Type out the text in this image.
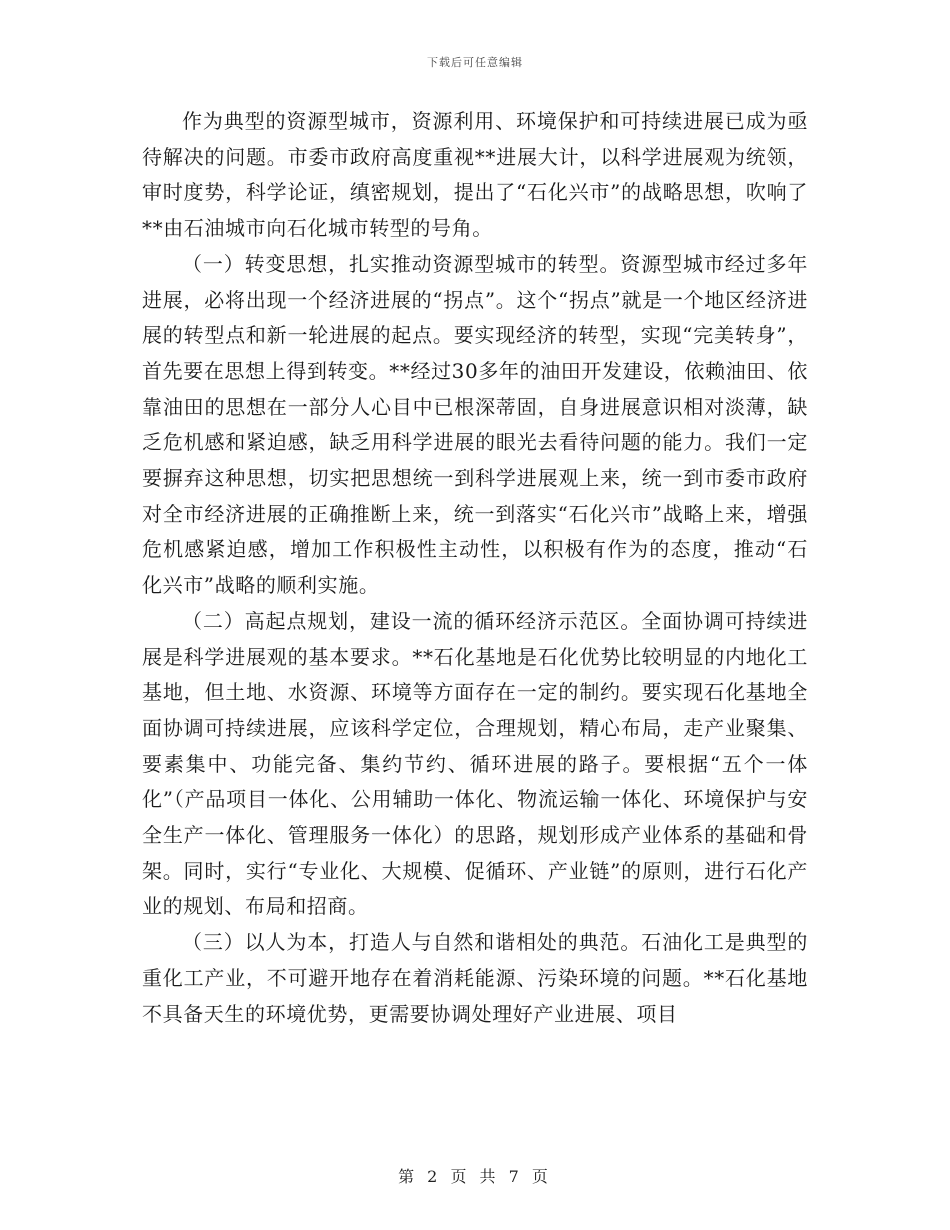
下载后可任意编辑

作为典型的资源型城市，资源利用、环境保护和可持续进展已成为亟待解决的问题。市委市政府高度重视**进展大计，以科学进展观为统领，审时度势，科学论证，缜密规划，提出了“石化兴市”的战略思想，吹响了**由石油城市向石化城市转型的号角。

（一）转变思想，扎实推动资源型城市的转型。资源型城市经过多年进展，必将出现一个经济进展的“拐点”。这个“拐点”就是一个地区经济进展的转型点和新一轮进展的起点。要实现经济的转型，实现“完美转身”，首先要在思想上得到转变。**经过30多年的油田开发建设，依赖油田、依靠油田的思想在一部分人心目中已根深蒂固，自身进展意识相对淡薄，缺乏危机感和紧迫感，缺乏用科学进展的眼光去看待问题的能力。我们一定要摒弃这种思想，切实把思想统一到科学进展观上来，统一到市委市政府对全市经济进展的正确推断上来，统一到落实“石化兴市”战略上来，增强危机感紧迫感，增加工作积极性主动性，以积极有作为的态度，推动“石化兴市”战略的顺利实施。

（二）高起点规划，建设一流的循环经济示范区。全面协调可持续进展是科学进展观的基本要求。**石化基地是石化优势比较明显的内地化工基地，但土地、水资源、环境等方面存在一定的制约。要实现石化基地全面协调可持续进展，应该科学定位，合理规划，精心布局，走产业聚集、要素集中、功能完备、集约节约、循环进展的路子。要根据“五个一体化”（产品项目一体化、公用辅助一体化、物流运输一体化、环境保护与安全生产一体化、管理服务一体化）的思路，规划形成产业体系的基础和骨架。同时，实行“专业化、大规模、促循环、产业链”的原则，进行石化产业的规划、布局和招商。

（三）以人为本，打造人与自然和谐相处的典范。石油化工是典型的重化工产业，不可避开地存在着消耗能源、污染环境的问题。**石化基地不具备天生的环境优势，更需要协调处理好产业进展、项目

第 2 页 共 7 页
